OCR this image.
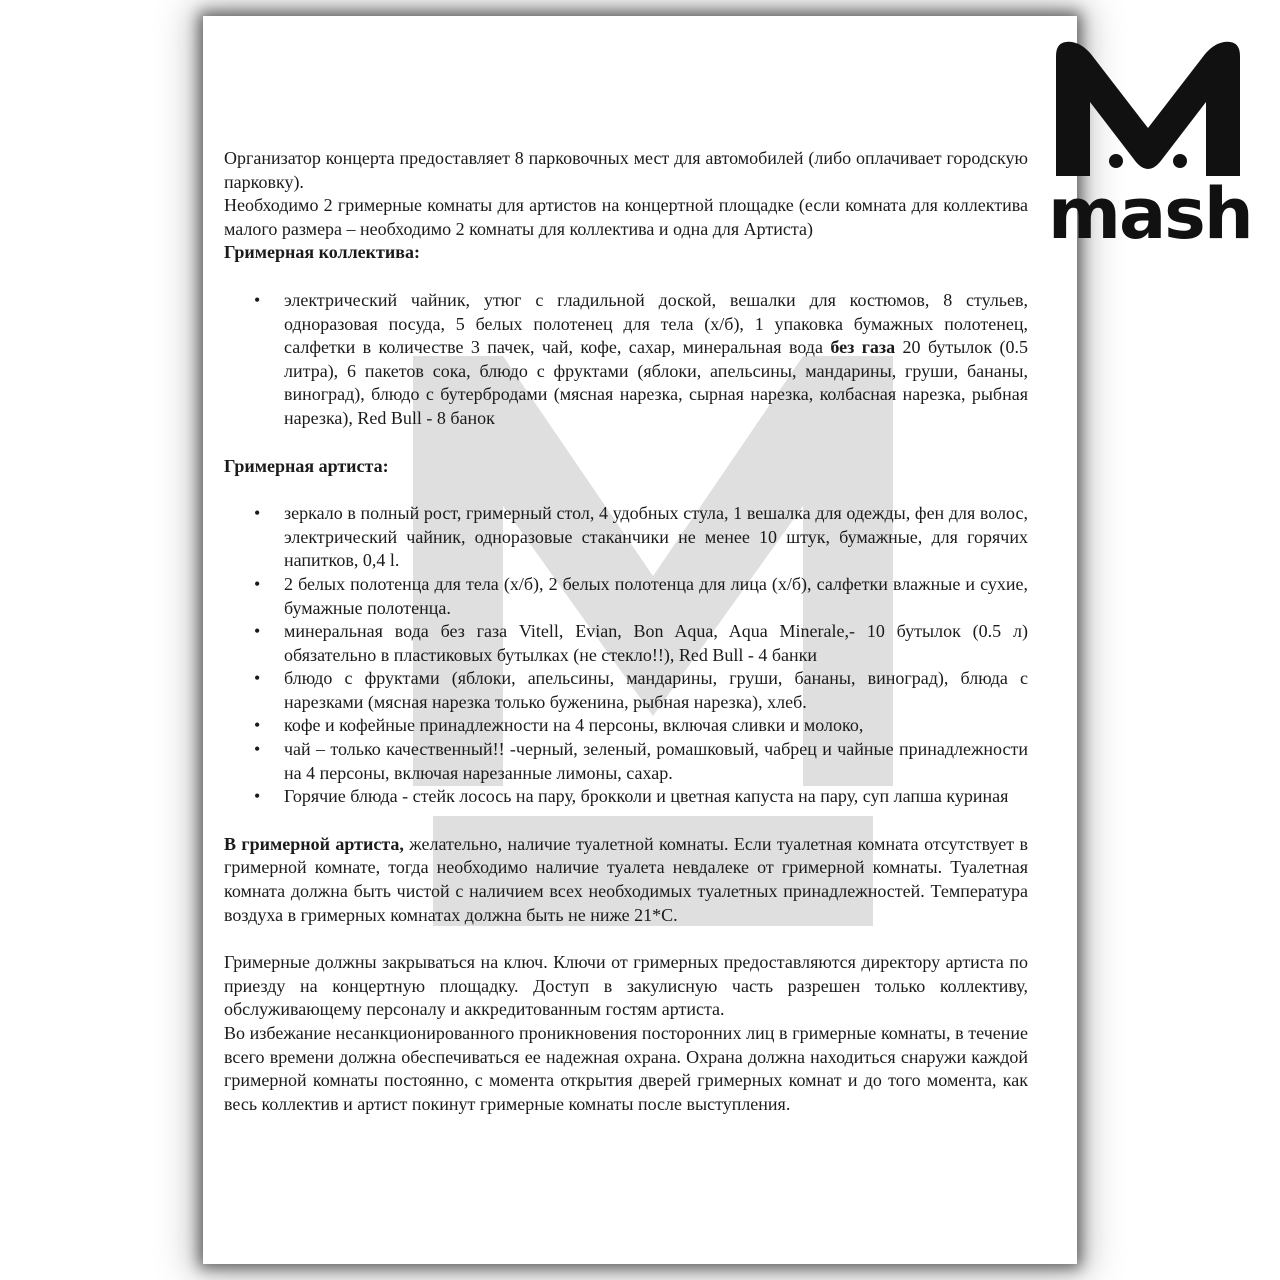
Организатор концерта предоставляет 8 парковочных мест для автомобилей (либо оплачивает городскую парковку).

Необходимо 2 гримерные комнаты для артистов на концертной площадке (если комната для коллектива малого размера – необходимо 2 комнаты для коллектива и одна для Артиста)

Гримерная коллектива:

• электрический чайник, утюг с гладильной доской, вешалки для костюмов, 8 стульев, одноразовая посуда, 5 белых полотенец для тела (х/б), 1 упаковка бумажных полотенец, салфетки в количестве 3 пачек, чай, кофе, сахар, минеральная вода без газа 20 бутылок (0.5 литра), 6 пакетов сока, блюдо с фруктами (яблоки, апельсины, мандарины, груши, бананы, виноград), блюдо с бутербродами (мясная нарезка, сырная нарезка, колбасная нарезка, рыбная нарезка), Red Bull - 8 банок

Гримерная артиста:

• зеркало в полный рост, гримерный стол, 4 удобных стула, 1 вешалка для одежды, фен для волос, электрический чайник, одноразовые стаканчики не менее 10 штук, бумажные, для горячих напитков, 0,4 l.
• 2 белых полотенца для тела (х/б), 2 белых полотенца для лица (х/б), салфетки влажные и сухие, бумажные полотенца.
• минеральная вода без газа Vitell, Evian, Bon Aqua, Aqua Minerale,- 10 бутылок (0.5 л) обязательно в пластиковых бутылках (не стекло!!), Red Bull - 4 банки
• блюдо с фруктами (яблоки, апельсины, мандарины, груши, бананы, виноград), блюда с нарезками (мясная нарезка только буженина, рыбная нарезка), хлеб.
• кофе и кофейные принадлежности на 4 персоны, включая сливки и молоко,
• чай – только качественный!! -черный, зеленый, ромашковый, чабрец и чайные принадлежности на 4 персоны, включая нарезанные лимоны, сахар.
• Горячие блюда - стейк лосось на пару, брокколи и цветная капуста на пару, суп лапша куриная

В гримерной артиста, желательно, наличие туалетной комнаты. Если туалетная комната отсутствует в гримерной комнате, тогда необходимо наличие туалета невдалеке от гримерной комнаты. Туалетная комната должна быть чистой с наличием всех необходимых туалетных принадлежностей. Температура воздуха в гримерных комнатах должна быть не ниже 21*С.

Гримерные должны закрываться на ключ. Ключи от гримерных предоставляются директору артиста по приезду на концертную площадку. Доступ в закулисную часть разрешен только коллективу, обслуживающему персоналу и аккредитованным гостям артиста.

Во избежание несанкционированного проникновения посторонних лиц в гримерные комнаты, в течение всего времени должна обеспечиваться ее надежная охрана. Охрана должна находиться снаружи каждой гримерной комнаты постоянно, с момента открытия дверей гримерных комнат и до того момента, как весь коллектив и артист покинут гримерные комнаты после выступления.

mash
